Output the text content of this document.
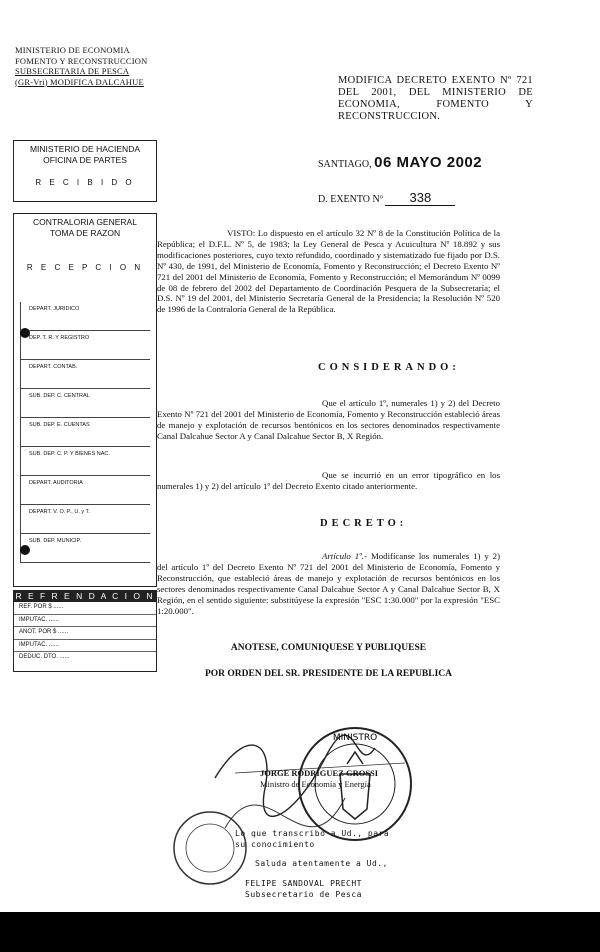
MINISTERIO DE ECONOMIA
FOMENTO Y RECONSTRUCCION
SUBSECRETARIA DE PESCA
(GR-Vri) MODIFICA DALCAHUE	MODIFICA DECRETO EXENTO Nº 721 DEL 2001, DEL MINISTERIO DE ECONOMIA, FOMENTO Y RECONSTRUCCION.
MINISTERIO DE HACIENDA
OFICINA DE PARTES
R E C I B I D O
CONTRALORIA GENERAL
TOMA DE RAZON
R E C E P C I O N
DEPART. JURIDICO
DEP. T. R. Y REGISTRO
DEPART. CONTAB.
SUB. DEP. C. CENTRAL
SUB. DEP. E. CUENTAS
SUB. DEP. C. P. Y BIENES NAC.
DEPART. AUDITORIA
DEPART. V. O. P., U. y T.
SUB. DEP. MUNICIP.
R E F R E N D A C I O N
REF. POR $ ......
IMPUTAC. ......
ANOT. POR $ ......
IMPUTAC. ......
DEDUC. DTO. ......
SANTIAGO, 06 MAYO 2002
D. EXENTO Nº 338
VISTO: Lo dispuesto en el artículo 32 Nº 8 de la Constitución Política de la República; el D.F.L. Nº 5, de 1983; la Ley General de Pesca y Acuicultura Nº 18.892 y sus modificaciones posteriores, cuyo texto refundido, coordinado y sistematizado fue fijado por D.S. Nº 430, de 1991, del Ministerio de Economía, Fomento y Reconstrucción; el Decreto Exento Nº 721 del 2001 del Ministerio de Economía, Fomento y Reconstrucción; el Memorándum Nº 0099 de 08 de febrero del 2002 del Departamento de Coordinación Pesquera de la Subsecretaría; el D.S. Nº 19 del 2001, del Ministerio Secretaría General de la Presidencia; la Resolución Nº 520 de 1996 de la Contraloría General de la República.
CONSIDERANDO:
Que el artículo 1º, numerales 1) y 2) del Decreto Exento Nº 721 del 2001 del Ministerio de Economía, Fomento y Reconstrucción estableció áreas de manejo y explotación de recursos bentónicos en los sectores denominados respectivamente Canal Dalcahue Sector A y Canal Dalcahue Sector B, X Región.
Que se incurrió en un error tipográfico en los numerales 1) y 2) del artículo 1º del Decreto Exento citado anteriormente.
DECRETO:
Artículo 1º.- Modifícanse los numerales 1) y 2) del artículo 1º del Decreto Exento Nº 721 del 2001 del Ministerio de Economía, Fomento y Reconstrucción, que estableció áreas de manejo y explotación de recursos bentónicos en los sectores denominados respectivamente Canal Dalcahue Sector A y Canal Dalcahue Sector B, X Región, en el sentido siguiente: substitúyese la expresión "ESC 1:30.000" por la expresión "ESC 1:20.000".
ANOTESE, COMUNIQUESE Y PUBLIQUESE
POR ORDEN DEL SR. PRESIDENTE DE LA REPUBLICA
MINISTRO
JORGE RODRIGUEZ GROSSI
Ministro de Economía y Energía
Lo que transcribo a Ud., para
su conocimiento
Saluda atentamente a Ud.,
FELIPE SANDOVAL PRECHT
Subsecretario de Pesca
